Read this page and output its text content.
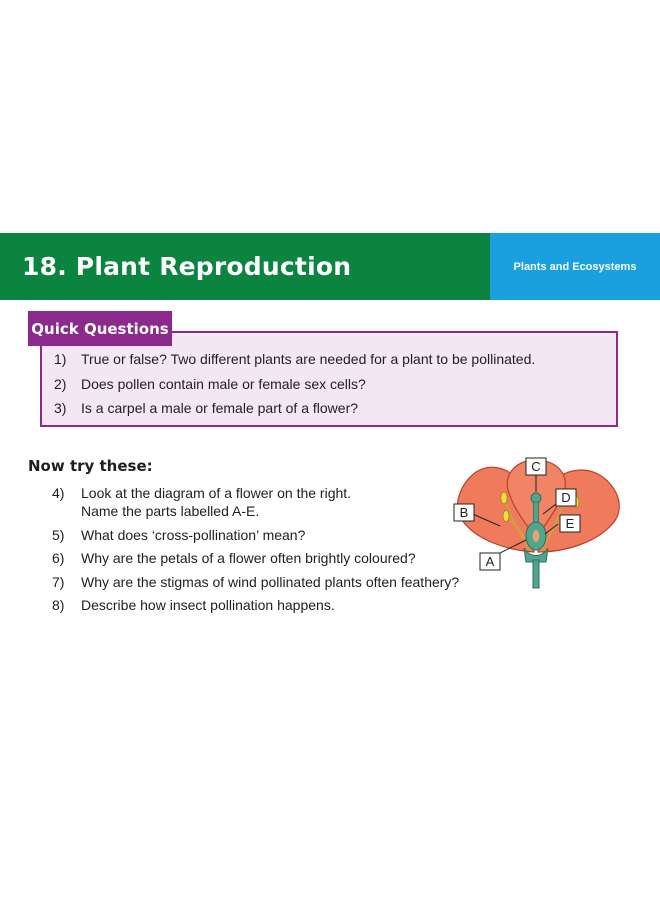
18. Plant Reproduction	Plants and Ecosystems
Quick Questions
1)	True or false? Two different plants are needed for a plant to be pollinated.
2)	Does pollen contain male or female sex cells?
3)	Is a carpel a male or female part of a flower?
Now try these:
4)	Look at the diagram of a flower on the right.
Name the parts labelled A-E.
5)	What does ‘cross-pollination’ mean?
6)	Why are the petals of a flower often brightly coloured?
7)	Why are the stigmas of wind pollinated plants often feathery?
8)	Describe how insect pollination happens.
C
B
D
E
A
